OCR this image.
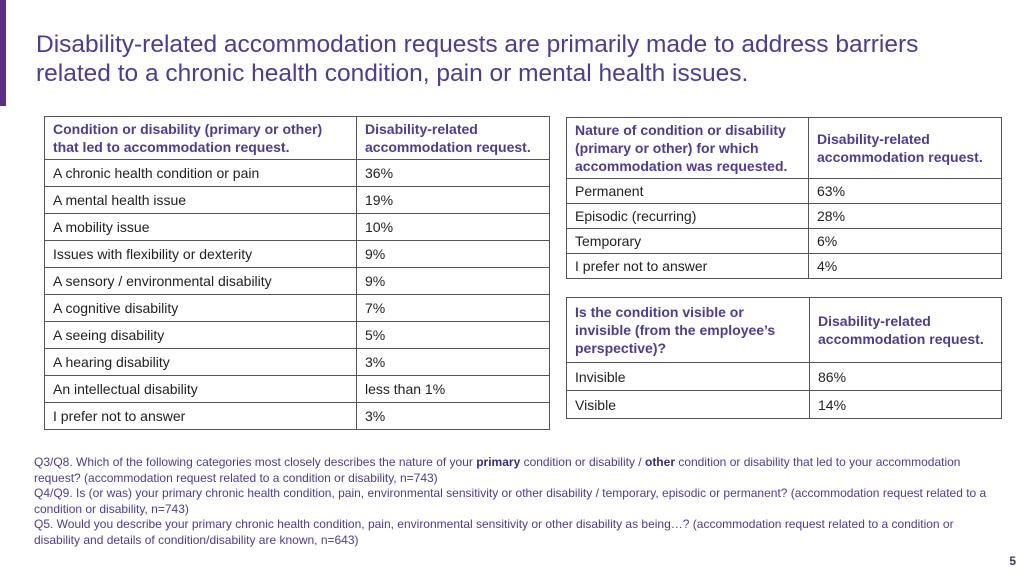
Disability-related accommodation requests are primarily made to address barriers related to a chronic health condition, pain or mental health issues.
Condition or disability (primary or other) that led to accommodation request.	Disability-related accommodation request.
A chronic health condition or pain	36%
A mental health issue	19%
A mobility issue	10%
Issues with flexibility or dexterity	9%
A sensory / environmental disability	9%
A cognitive disability	7%
A seeing disability	5%
A hearing disability	3%
An intellectual disability	less than 1%
I prefer not to answer	3%
Nature of condition or disability (primary or other) for which accommodation was requested.	Disability-related accommodation request.
Permanent	63%
Episodic (recurring)	28%
Temporary	6%
I prefer not to answer	4%
Is the condition visible or invisible (from the employee’s perspective)?	Disability-related accommodation request.
Invisible	86%
Visible	14%

Q3/Q8. Which of the following categories most closely describes the nature of your primary condition or disability / other condition or disability that led to your accommodation request? (accommodation request related to a condition or disability, n=743)

Q4/Q9. Is (or was) your primary chronic health condition, pain, environmental sensitivity or other disability / temporary, episodic or permanent? (accommodation request related to a condition or disability, n=743)

Q5. Would you describe your primary chronic health condition, pain, environmental sensitivity or other disability as being…? (accommodation request related to a condition or disability and details of condition/disability are known, n=643)

5
